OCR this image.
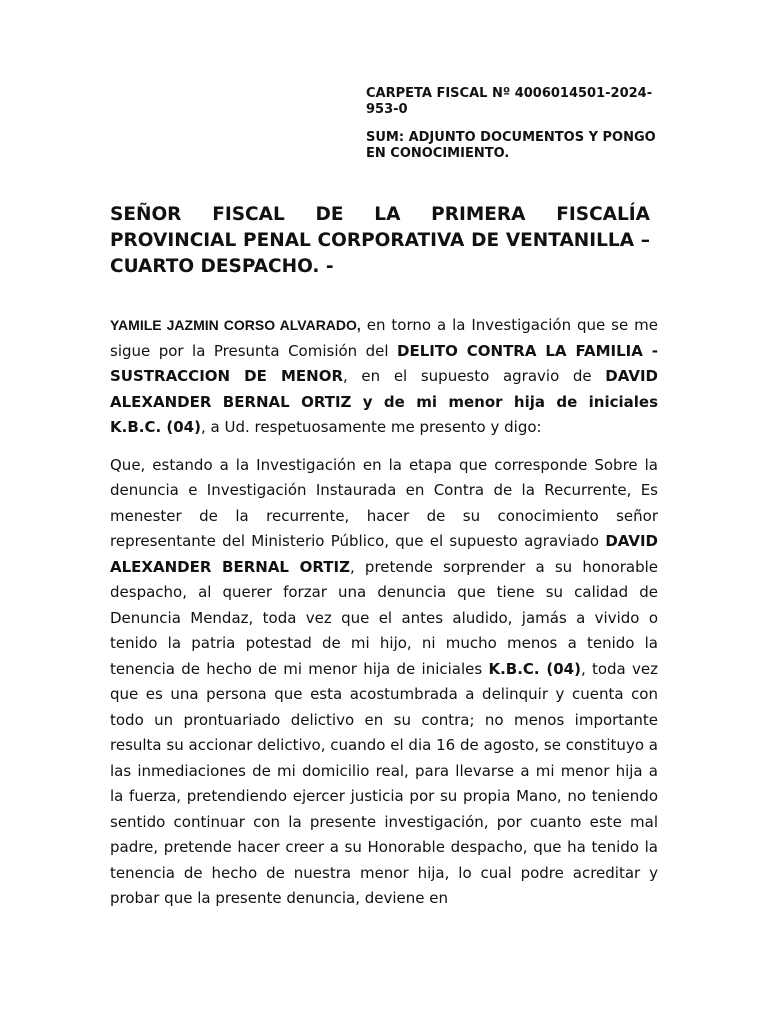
CARPETA FISCAL Nº 4006014501-2024-953-0

SUM: ADJUNTO DOCUMENTOS Y PONGO EN CONOCIMIENTO.

SEÑOR FISCAL DE LA PRIMERA FISCALÍA PROVINCIAL PENAL CORPORATIVA DE VENTANILLA – CUARTO DESPACHO. -

YAMILE JAZMIN CORSO ALVARADO, en torno a la Investigación que se me sigue por la Presunta Comisión del DELITO CONTRA LA FAMILIA - SUSTRACCION DE MENOR, en el supuesto agravio de DAVID ALEXANDER BERNAL ORTIZ y de mi menor hija de iniciales K.B.C. (04), a Ud. respetuosamente me presento y digo:

Que, estando a la Investigación en la etapa que corresponde Sobre la denuncia e Investigación Instaurada en Contra de la Recurrente, Es menester de la recurrente, hacer de su conocimiento señor representante del Ministerio Público, que el supuesto agraviado DAVID ALEXANDER BERNAL ORTIZ, pretende sorprender a su honorable despacho, al querer forzar una denuncia que tiene su calidad de Denuncia Mendaz, toda vez que el antes aludido, jamás a vivido o tenido la patria potestad de mi hijo, ni mucho menos a tenido la tenencia de hecho de mi menor hija de iniciales K.B.C. (04), toda vez que es una persona que esta acostumbrada a delinquir y cuenta con todo un prontuariado delictivo en su contra; no menos importante resulta su accionar delictivo, cuando el dia 16 de agosto, se constituyo a las inmediaciones de mi domicilio real, para llevarse a mi menor hija a la fuerza, pretendiendo ejercer justicia por su propia Mano, no teniendo sentido continuar con la presente investigación, por cuanto este mal padre, pretende hacer creer a su Honorable despacho, que ha tenido la tenencia de hecho de nuestra menor hija, lo cual podre acreditar y probar que la presente denuncia, deviene en
